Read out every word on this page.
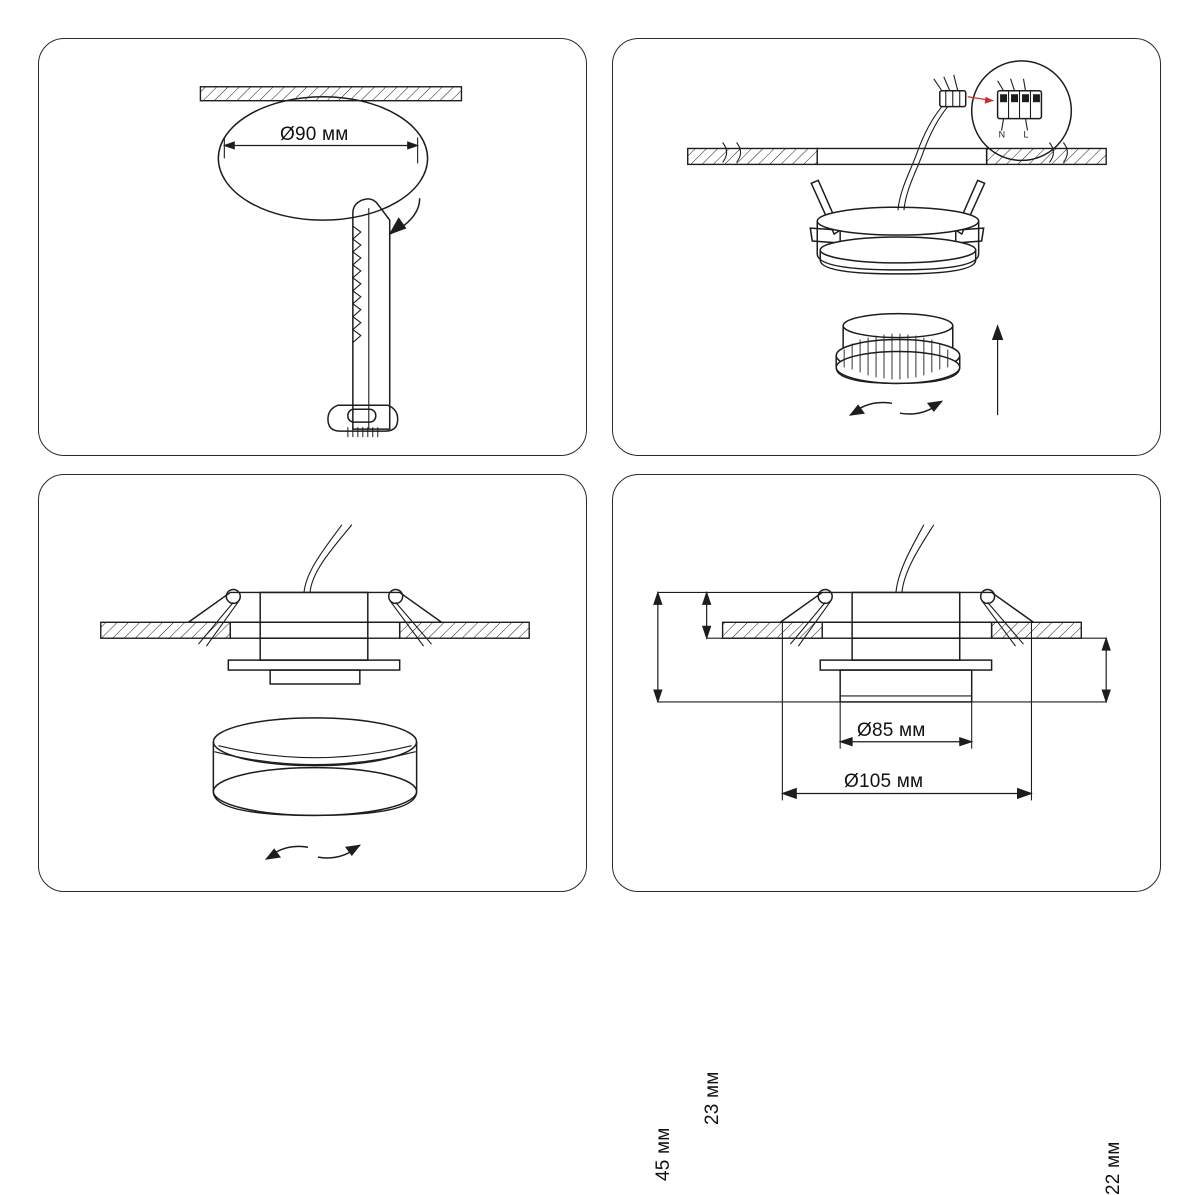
Ø90 мм	N L
45 мм
23 мм
22 мм
Ø85 мм
Ø105 мм
